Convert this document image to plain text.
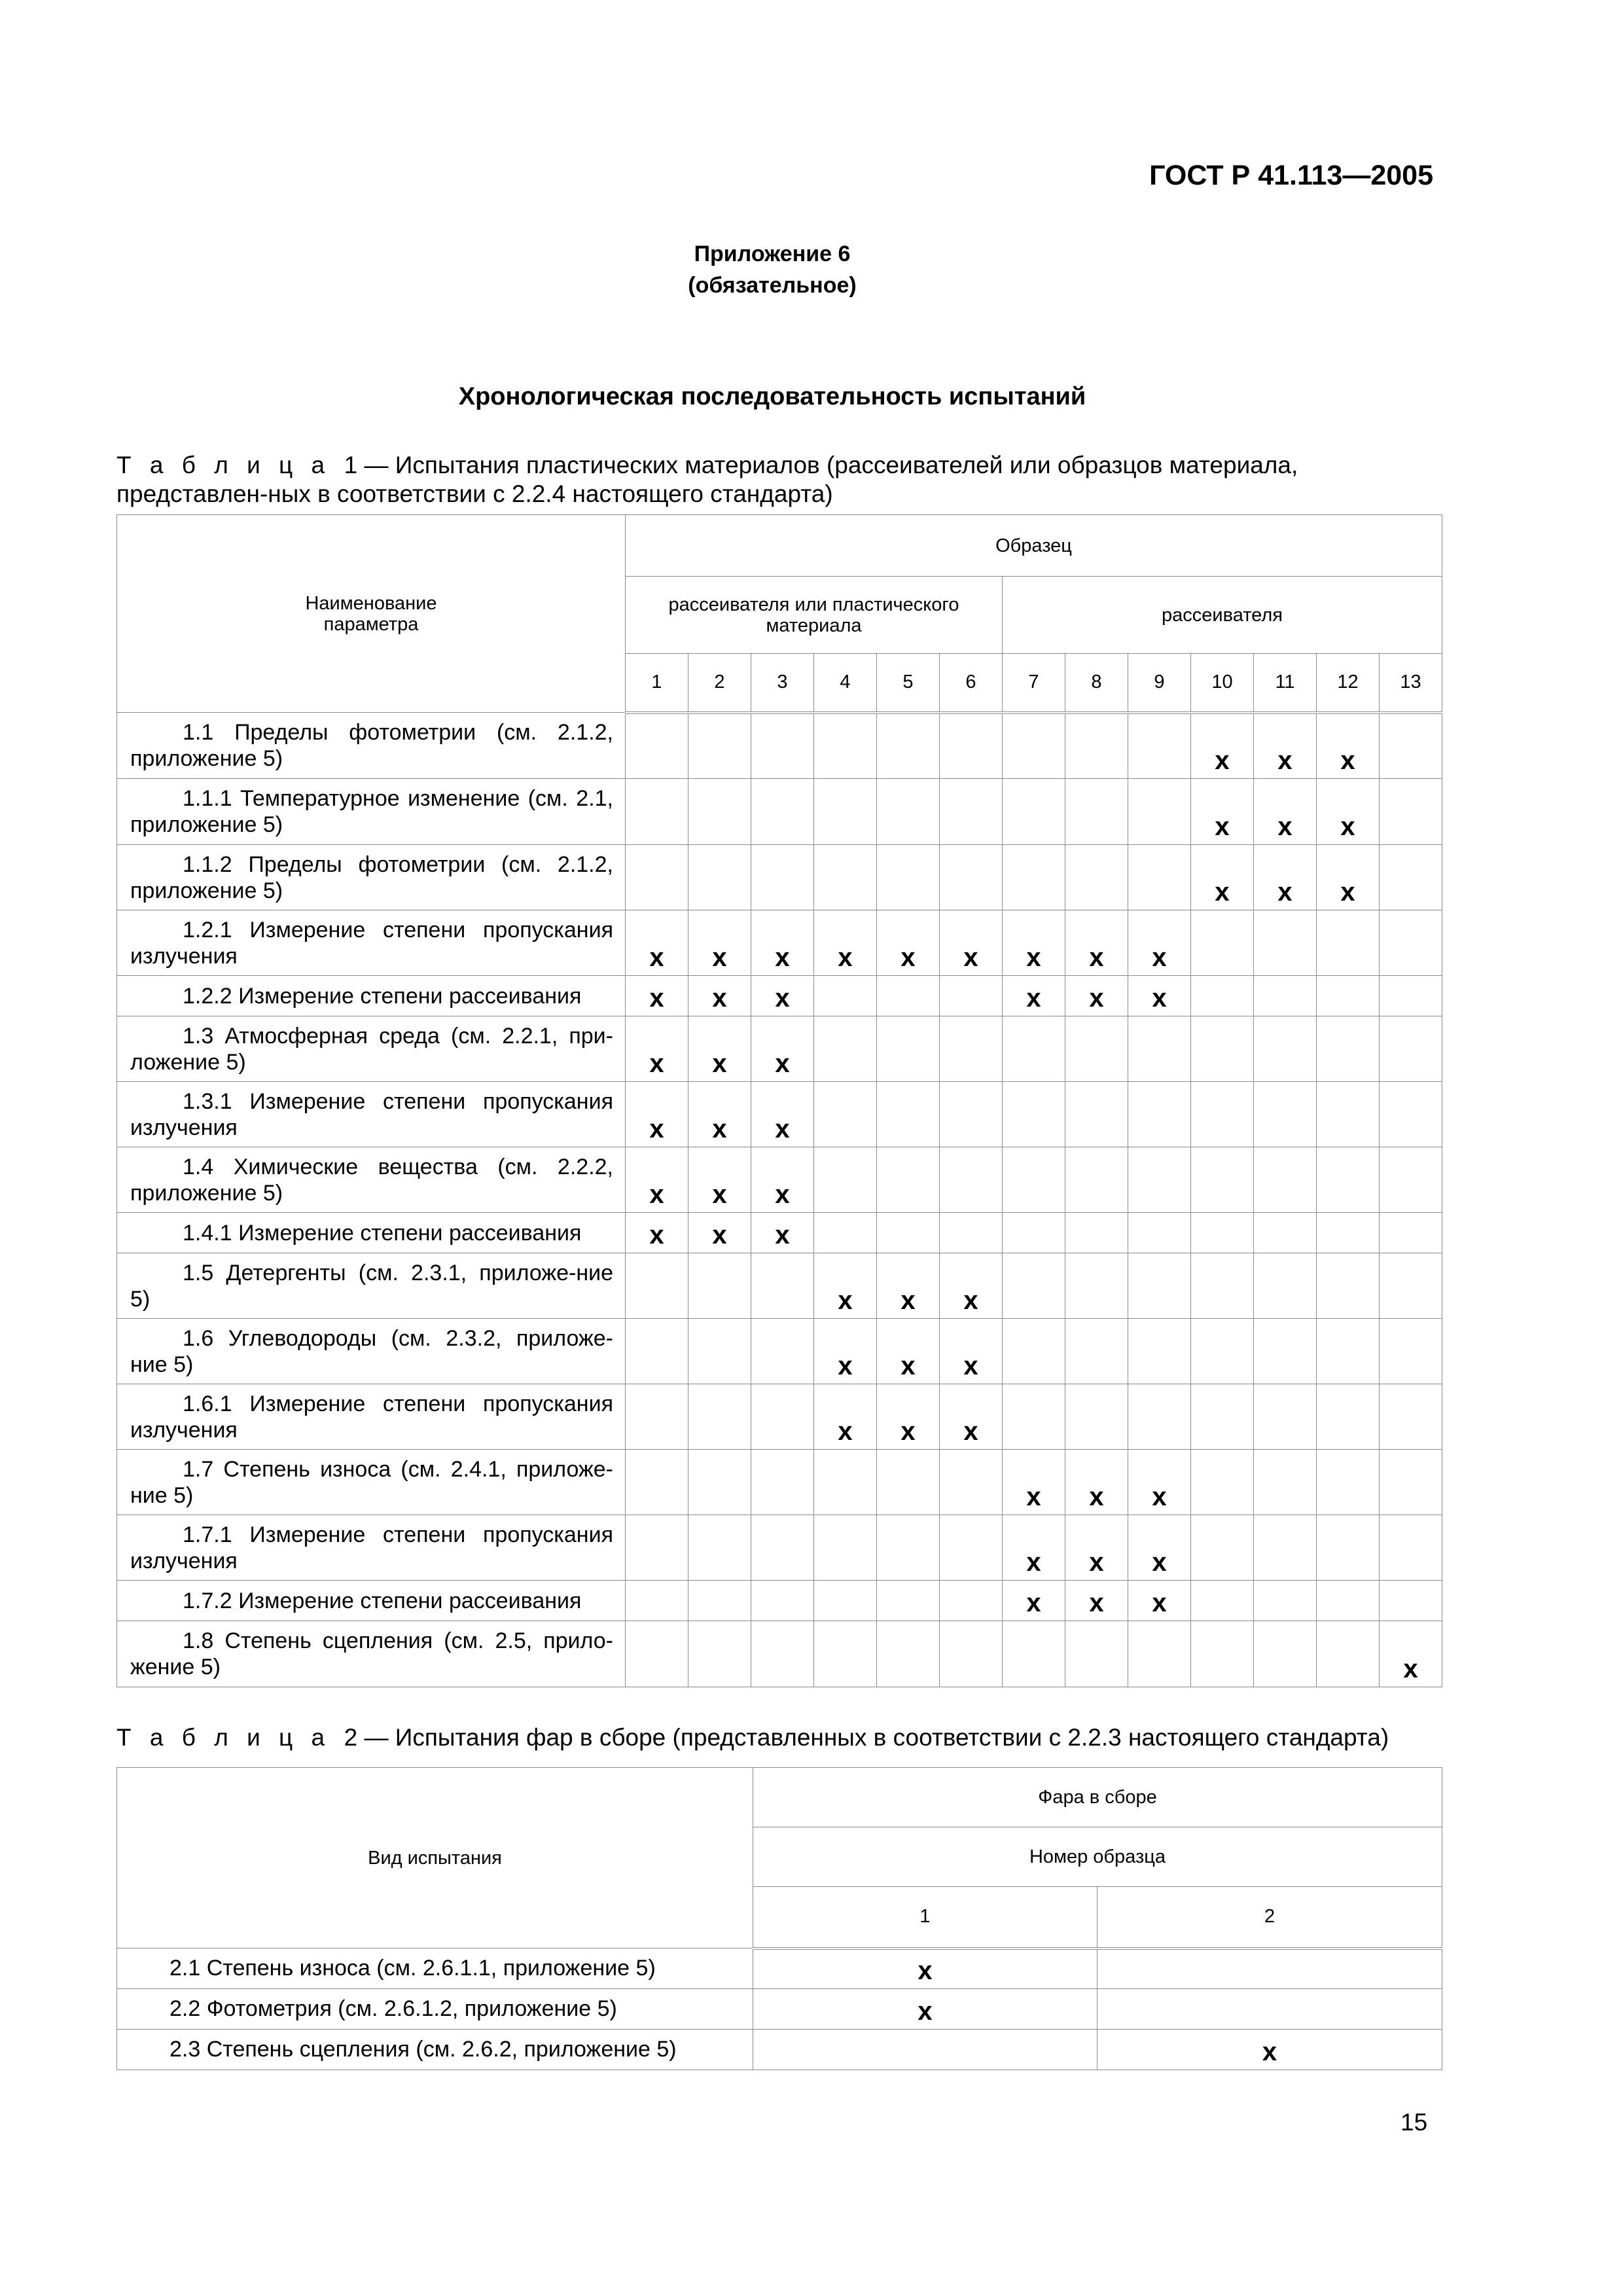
ГОСТ Р 41.113—2005
Приложение 6
(обязательное)
Хронологическая последовательность испытаний
Т а б л и ц а 1 — Испытания пластических материалов (рассеивателей или образцов материала, представлен-ных в соответствии с 2.2.4 настоящего стандарта)
Наименование параметра	Образец												

	рассеивателя или пластического материала						рассеивателя						
	1	2	3	4	5	6	7	8	9	10	11	12	13

1.1 Пределы фотометрии (см. 2.1.2, приложение 5)										x	x	x	

1.1.1 Температурное изменение (см. 2.1, приложение 5)										x	x	x	

1.1.2 Пределы фотометрии (см. 2.1.2, приложение 5)										x	x	x	

1.2.1 Измерение степени пропускания излучения	x	x	x	x	x	x	x	x	x				

1.2.2 Измерение степени рассеивания	x	x	x				x	x	x				

1.3 Атмосферная среда (см. 2.2.1, при-ложение 5)	x	x	x										

1.3.1 Измерение степени пропускания излучения	x	x	x										

1.4 Химические вещества (см. 2.2.2, приложение 5)	x	x	x										

1.4.1 Измерение степени рассеивания	x	x	x										

1.5 Детергенты (см. 2.3.1, приложе-ние 5)				x	x	x							

1.6 Углеводороды (см. 2.3.2, приложе-ние 5)				x	x	x							

1.6.1 Измерение степени пропускания излучения				x	x	x							

1.7 Степень износа (см. 2.4.1, приложе-ние 5)							x	x	x				

1.7.1 Измерение степени пропускания излучения							x	x	x				

1.7.2 Измерение степени рассеивания							x	x	x				

1.8 Степень сцепления (см. 2.5, прило-жение 5)													x
Т а б л и ц а 2 — Испытания фар в сборе (представленных в соответствии с 2.2.3 настоящего стандарта)
Вид испытания	Фара в сборе	
	Номер образца	
	1	2
2.1 Степень износа (см. 2.6.1.1, приложение 5)	x	
2.2 Фотометрия (см. 2.6.1.2, приложение 5)	x	
2.3 Степень сцепления (см. 2.6.2, приложение 5)		x
15
